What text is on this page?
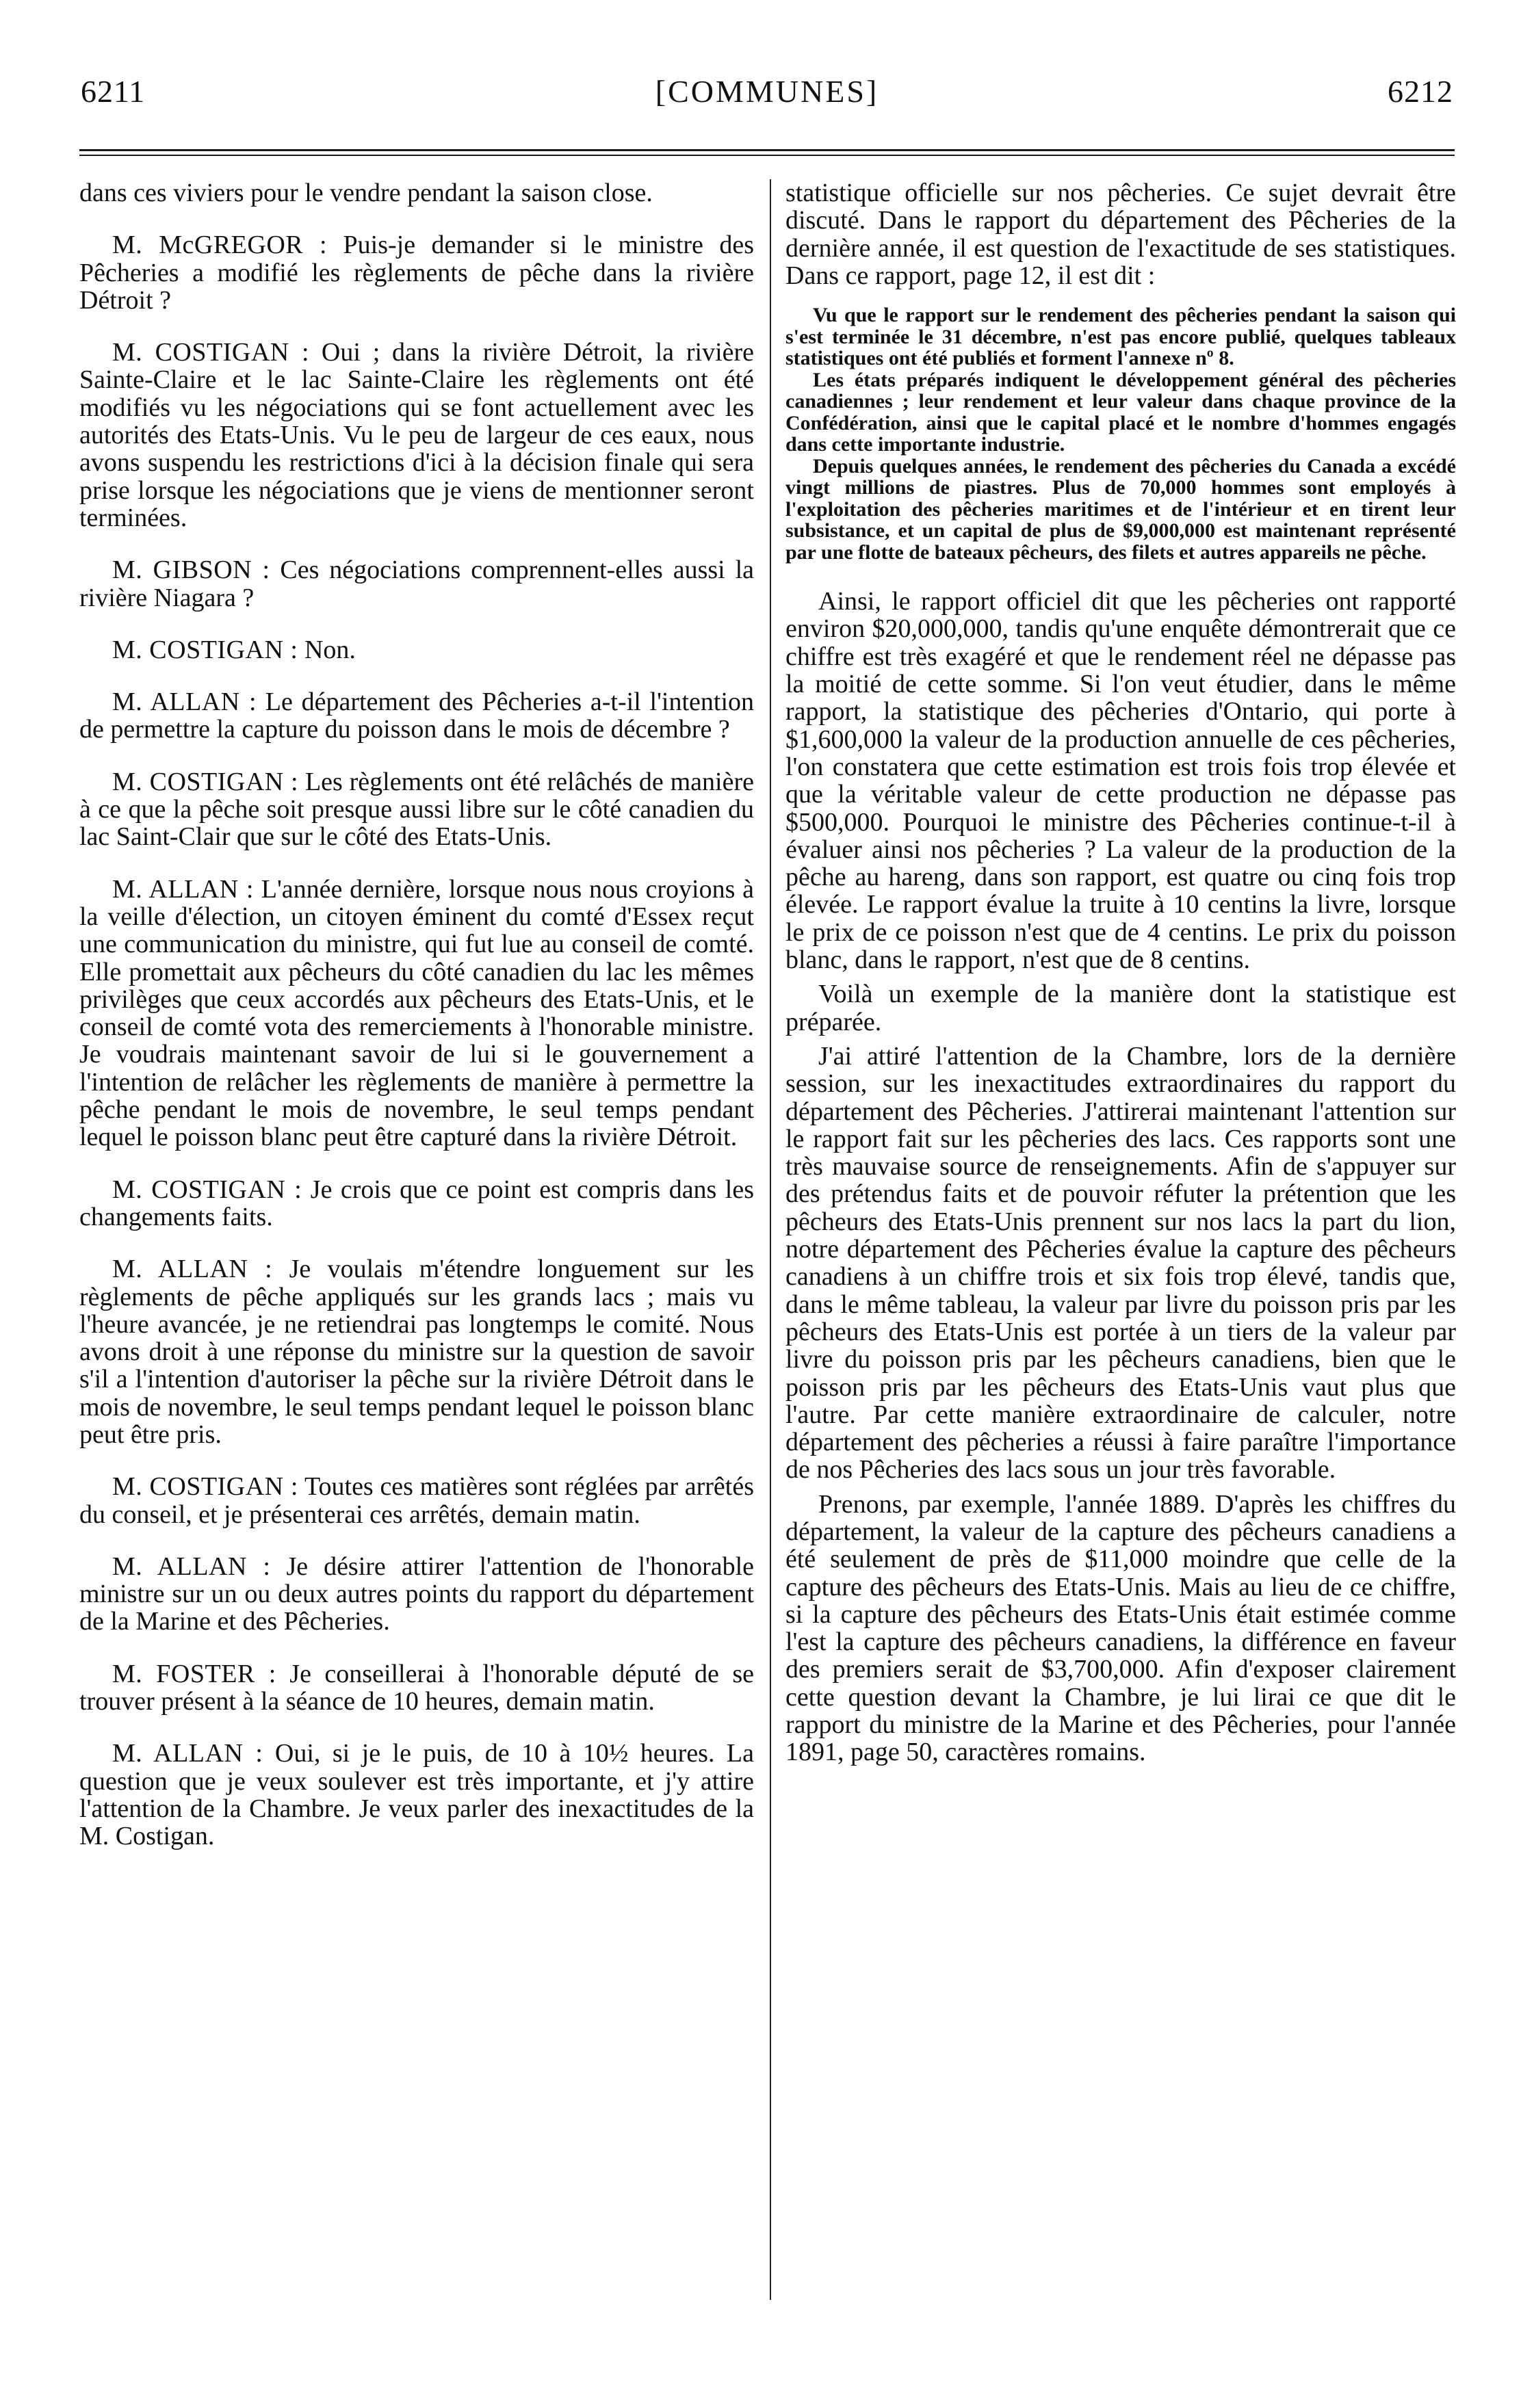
6211	[COMMUNES]	6212

dans ces viviers pour le vendre pendant la saison close.

M. McGREGOR : Puis-je demander si le ministre des Pêcheries a modifié les règlements de pêche dans la rivière Détroit ?

M. COSTIGAN : Oui ; dans la rivière Détroit, la rivière Sainte-Claire et le lac Sainte-Claire les règlements ont été modifiés vu les négociations qui se font actuellement avec les autorités des Etats-Unis. Vu le peu de largeur de ces eaux, nous avons suspendu les restrictions d'ici à la décision finale qui sera prise lorsque les négociations que je viens de mentionner seront terminées.

M. GIBSON : Ces négociations comprennent-elles aussi la rivière Niagara ?

M. COSTIGAN : Non.

M. ALLAN : Le département des Pêcheries a-t-il l'intention de permettre la capture du poisson dans le mois de décembre ?

M. COSTIGAN : Les règlements ont été relâchés de manière à ce que la pêche soit presque aussi libre sur le côté canadien du lac Saint-Clair que sur le côté des Etats-Unis.

M. ALLAN : L'année dernière, lorsque nous nous croyions à la veille d'élection, un citoyen éminent du comté d'Essex reçut une communication du ministre, qui fut lue au conseil de comté. Elle promettait aux pêcheurs du côté canadien du lac les mêmes privilèges que ceux accordés aux pêcheurs des Etats-Unis, et le conseil de comté vota des remerciements à l'honorable ministre. Je voudrais maintenant savoir de lui si le gouvernement a l'intention de relâcher les règlements de manière à permettre la pêche pendant le mois de novembre, le seul temps pendant lequel le poisson blanc peut être capturé dans la rivière Détroit.

M. COSTIGAN : Je crois que ce point est compris dans les changements faits.

M. ALLAN : Je voulais m'étendre longuement sur les règlements de pêche appliqués sur les grands lacs ; mais vu l'heure avancée, je ne retiendrai pas longtemps le comité. Nous avons droit à une réponse du ministre sur la question de savoir s'il a l'intention d'autoriser la pêche sur la rivière Détroit dans le mois de novembre, le seul temps pendant lequel le poisson blanc peut être pris.

M. COSTIGAN : Toutes ces matières sont réglées par arrêtés du conseil, et je présenterai ces arrêtés, demain matin.

M. ALLAN : Je désire attirer l'attention de l'honorable ministre sur un ou deux autres points du rapport du département de la Marine et des Pêcheries.

M. FOSTER : Je conseillerai à l'honorable député de se trouver présent à la séance de 10 heures, demain matin.

M. ALLAN : Oui, si je le puis, de 10 à 10½ heures. La question que je veux soulever est très importante, et j'y attire l'attention de la Chambre. Je veux parler des inexactitudes de la M. Costigan.

statistique officielle sur nos pêcheries. Ce sujet devrait être discuté. Dans le rapport du département des Pêcheries de la dernière année, il est question de l'exactitude de ses statistiques. Dans ce rapport, page 12, il est dit :

Vu que le rapport sur le rendement des pêcheries pendant la saison qui s'est terminée le 31 décembre, n'est pas encore publié, quelques tableaux statistiques ont été publiés et forment l'annexe nº 8.

Les états préparés indiquent le développement général des pêcheries canadiennes ; leur rendement et leur valeur dans chaque province de la Confédération, ainsi que le capital placé et le nombre d'hommes engagés dans cette importante industrie.

Depuis quelques années, le rendement des pêcheries du Canada a excédé vingt millions de piastres. Plus de 70,000 hommes sont employés à l'exploitation des pêcheries maritimes et de l'intérieur et en tirent leur subsistance, et un capital de plus de $9,000,000 est maintenant représenté par une flotte de bateaux pêcheurs, des filets et autres appareils ne pêche.

Ainsi, le rapport officiel dit que les pêcheries ont rapporté environ $20,000,000, tandis qu'une enquête démontrerait que ce chiffre est très exagéré et que le rendement réel ne dépasse pas la moitié de cette somme. Si l'on veut étudier, dans le même rapport, la statistique des pêcheries d'Ontario, qui porte à $1,600,000 la valeur de la production annuelle de ces pêcheries, l'on constatera que cette estimation est trois fois trop élevée et que la véritable valeur de cette production ne dépasse pas $500,000. Pourquoi le ministre des Pêcheries continue-t-il à évaluer ainsi nos pêcheries ? La valeur de la production de la pêche au hareng, dans son rapport, est quatre ou cinq fois trop élevée. Le rapport évalue la truite à 10 centins la livre, lorsque le prix de ce poisson n'est que de 4 centins. Le prix du poisson blanc, dans le rapport, n'est que de 8 centins.

Voilà un exemple de la manière dont la statistique est préparée.

J'ai attiré l'attention de la Chambre, lors de la dernière session, sur les inexactitudes extraordinaires du rapport du département des Pêcheries. J'attirerai maintenant l'attention sur le rapport fait sur les pêcheries des lacs. Ces rapports sont une très mauvaise source de renseignements. Afin de s'appuyer sur des prétendus faits et de pouvoir réfuter la prétention que les pêcheurs des Etats-Unis prennent sur nos lacs la part du lion, notre département des Pêcheries évalue la capture des pêcheurs canadiens à un chiffre trois et six fois trop élevé, tandis que, dans le même tableau, la valeur par livre du poisson pris par les pêcheurs des Etats-Unis est portée à un tiers de la valeur par livre du poisson pris par les pêcheurs canadiens, bien que le poisson pris par les pêcheurs des Etats-Unis vaut plus que l'autre. Par cette manière extraordinaire de calculer, notre département des pêcheries a réussi à faire paraître l'importance de nos Pêcheries des lacs sous un jour très favorable.

Prenons, par exemple, l'année 1889. D'après les chiffres du département, la valeur de la capture des pêcheurs canadiens a été seulement de près de $11,000 moindre que celle de la capture des pêcheurs des Etats-Unis. Mais au lieu de ce chiffre, si la capture des pêcheurs des Etats-Unis était estimée comme l'est la capture des pêcheurs canadiens, la différence en faveur des premiers serait de $3,700,000. Afin d'exposer clairement cette question devant la Chambre, je lui lirai ce que dit le rapport du ministre de la Marine et des Pêcheries, pour l'année 1891, page 50, caractères romains.
